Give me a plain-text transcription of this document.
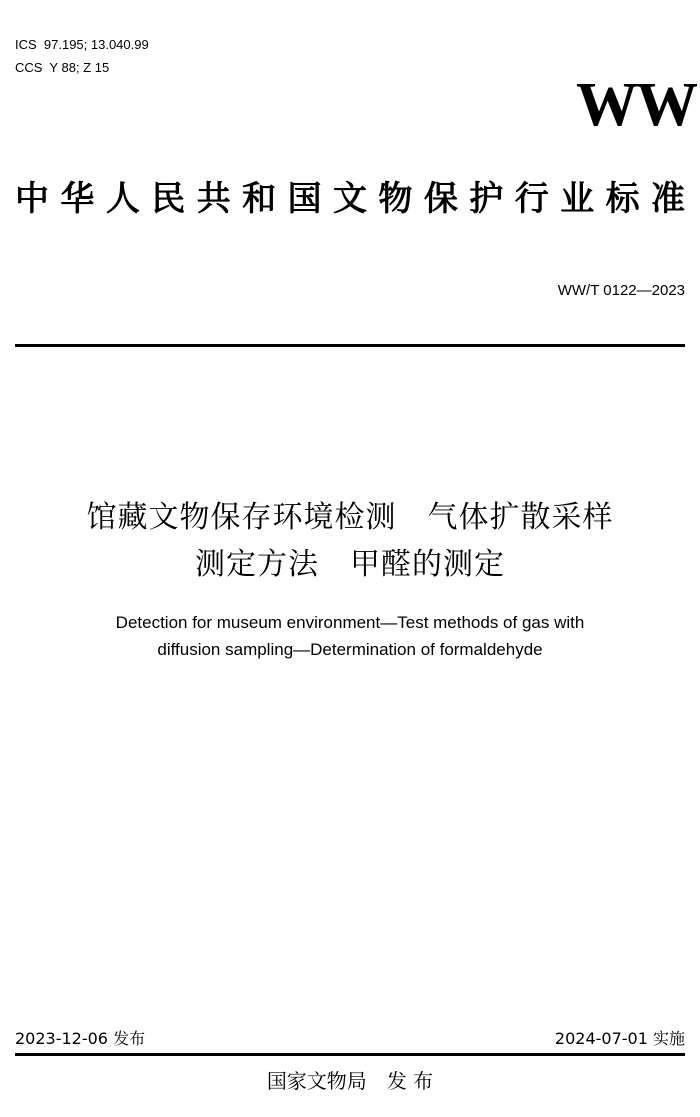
ICS  97.195; 13.040.99
CCS  Y 88; Z 15
WW
中华人民共和国文物保护行业标准
WW/T 0122—2023
馆藏文物保存环境检测　气体扩散采样
测定方法　甲醛的测定
Detection for museum environment—Test methods of gas with
diffusion sampling—Determination of formaldehyde
2023-12-06 发布	2024-07-01 实施
国家文物局　发 布
